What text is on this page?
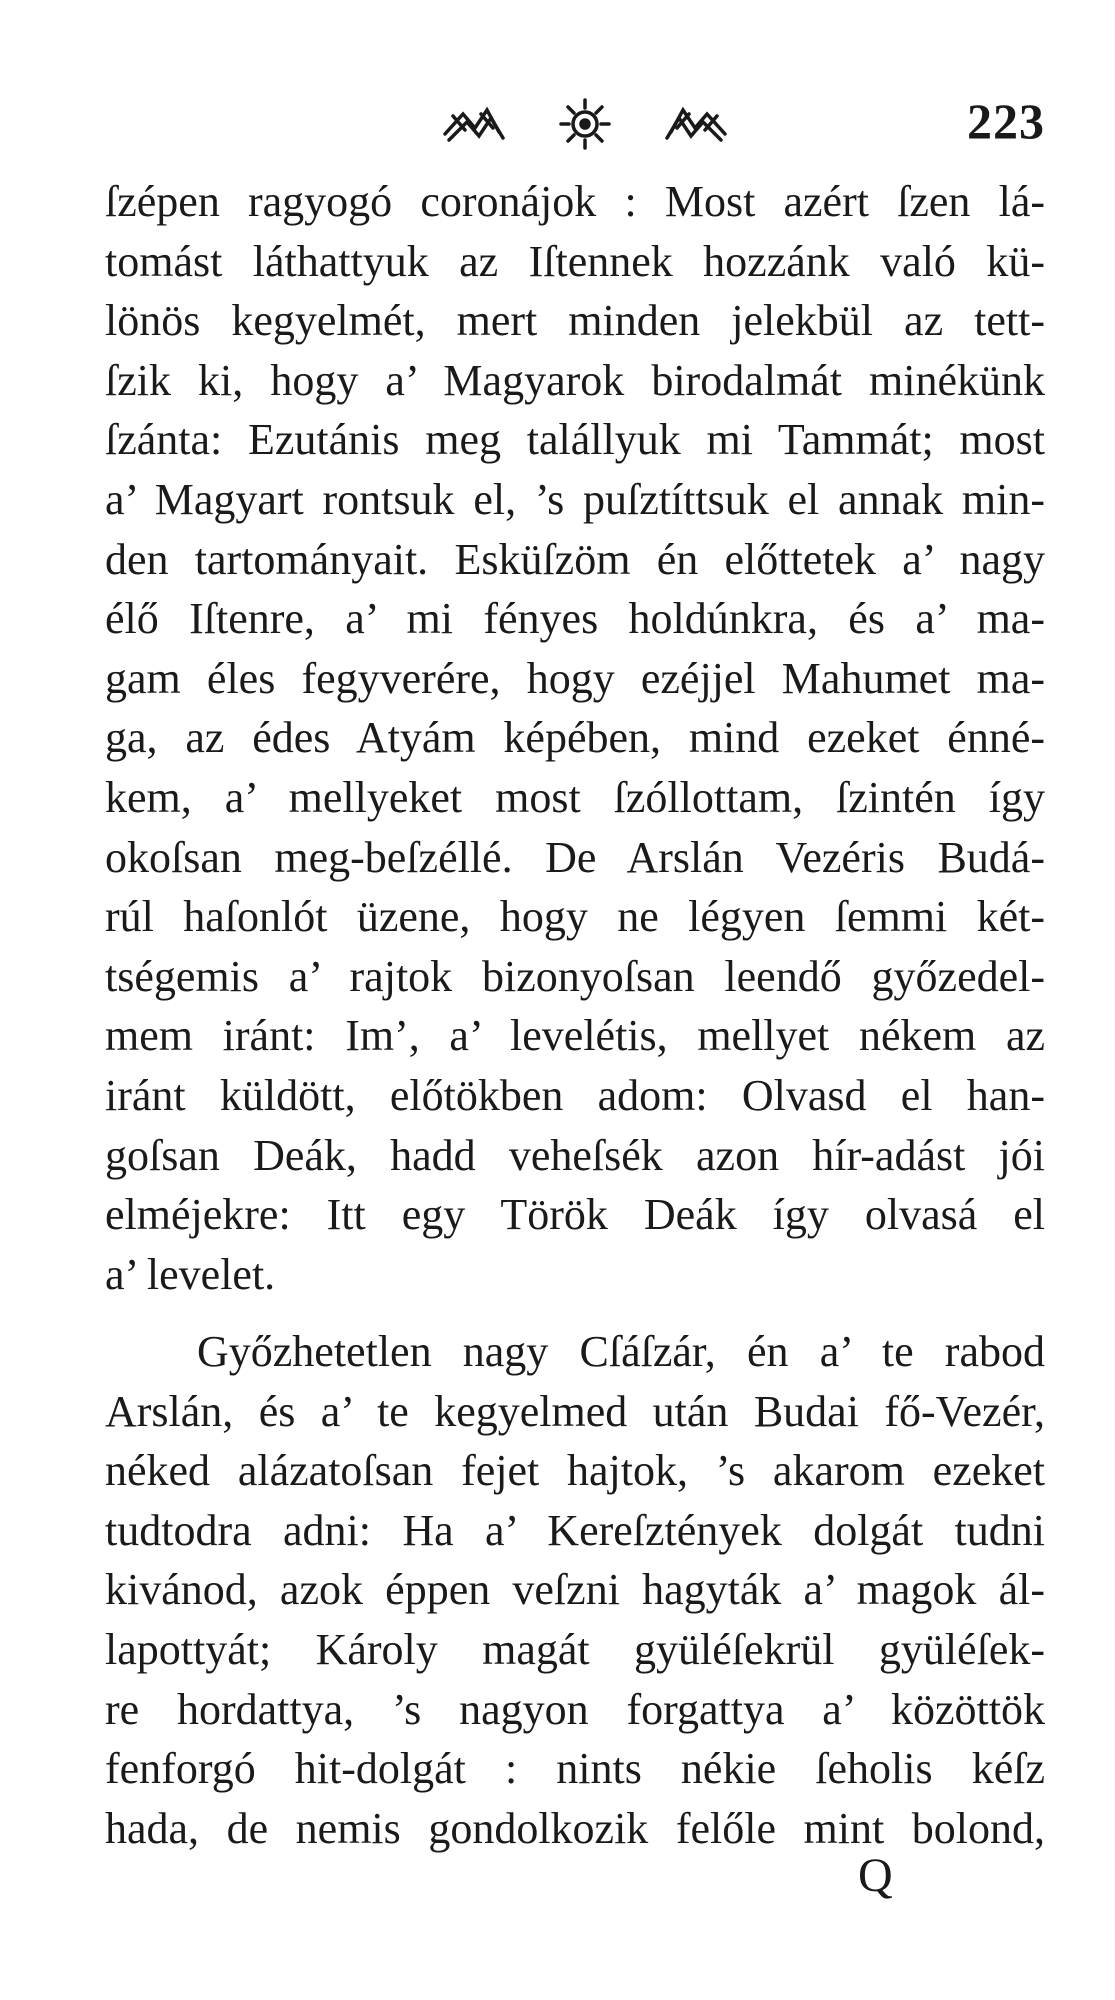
223
ſzépen ragyogó coronájok : Most azért ſzen lá-
tomást láthattyuk az Iſtennek hozzánk való kü-
lönös kegyelmét, mert minden jelekbül az tett-
ſzik ki, hogy a’ Magyarok birodalmát minékünk
ſzánta: Ezutánis meg talállyuk mi Tammát; most
a’ Magyart rontsuk el, ’s puſztíttsuk el annak min-
den tartományait. Esküſzöm én előttetek a’ nagy
élő Iſtenre, a’ mi fényes holdúnkra, és a’ ma-
gam éles fegyverére, hogy ezéjjel Mahumet ma-
ga, az édes Atyám képében, mind ezeket énné-
kem, a’ mellyeket most ſzóllottam, ſzintén így
okoſsan meg-beſzéllé. De Arslán Vezéris Budá-
rúl haſonlót üzene, hogy ne légyen ſemmi két-
tségemis a’ rajtok bizonyoſsan leendő győzedel-
mem iránt: Im’, a’ levelétis, mellyet nékem az
iránt küldött, előtökben adom: Olvasd el han-
goſsan Deák, hadd veheſsék azon hír-adást jói
elméjekre: Itt egy Török Deák így olvasá el
a’ levelet.
Győzhetetlen nagy Cſáſzár, én a’ te rabod
Arslán, és a’ te kegyelmed után Budai fő-Vezér,
néked alázatoſsan fejet hajtok, ’s akarom ezeket
tudtodra adni: Ha a’ Kereſztények dolgát tudni
kivánod, azok éppen veſzni hagyták a’ magok ál-
lapottyát; Károly magát gyüléſekrül gyüléſek-
re hordattya, ’s nagyon forgattya a’ közöttök
fenforgó hit-dolgát : nints nékie ſeholis kéſz
hada, de nemis gondolkozik felőle mint bolond,
Q
